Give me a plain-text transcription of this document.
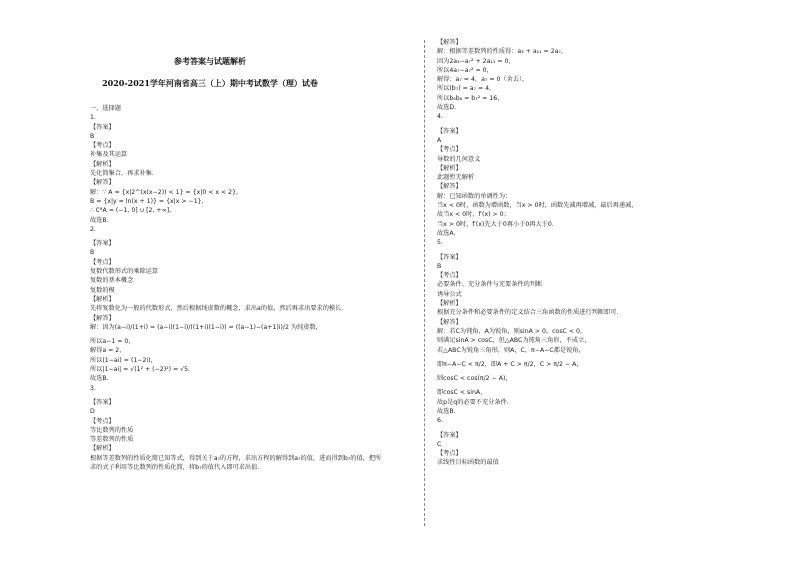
参考答案与试题解析
2020-2021学年河南省高三（上）期中考试数学（理）试卷
一、选择题
1.
【答案】
B
【考点】
补集及其运算
【解析】
先化简集合，再求补集.
【解答】
解：∵ A = {x|2^(x(x−2)) < 1} = {x|0 < x < 2},
B = {x|y = ln(x + 1)} = {x|x > −1},
∴ ∁ᴮA = (−1, 0] ∪ [2, +∞],
故选B.
2.
【答案】
B
【考点】
复数代数形式的乘除运算
复数的基本概念
复数的模
【解析】
先将复数化为一般的代数形式，然后根据纯虚数的概念，求出a的值，然后再求出要求的模长.
【解答】
解：因为(a−i)/(1+i) = (a−i)(1−i)/((1+i)(1−i)) = ((a−1)−(a+1)i)/2 为纯虚数，
所以a−1 = 0，
解得a = 2，
所以(1−ai) = (1−2i)，
所以|1−ai| = √(1² + (−2)²) = √5.
故选B.
3.
【答案】
D
【考点】
等比数列的性质
等差数列的性质
【解析】
根据等差数列的性质化简已知等式，得到关于a₇的方程，求出方程的解得到a₇的值，进而得到b₇的值，把所
求的式子利用等比数列的性质化简，将b₇的值代入即可求出值.
【解答】
解：根据等差数列的性质得：a₃ + a₁₁ = 2a₇，
因为2a₃−a₇² + 2a₁₁ = 0，
所以4a₇−a₇² = 0，
解得：a₇ = 4，a₇ = 0（舍去），
所以(b₇) = a₇ = 4，
所以b₆b₈ = b₇² = 16，
故选D.
4.
【答案】
A
【考点】
导数的几何意义
【解析】
此题暂无解析
【解答】
解：已知函数的单调性为：
当x < 0时，函数为增函数，当x > 0时，函数先减再增减，最后再递减，
故当x < 0时，f′(x) > 0；
当x > 0时，f′(x)先大于0再小于0再大于0.
故选A.
5.
【答案】
B
【考点】
必要条件、充分条件与充要条件的判断
诱导公式
【解析】
根据充分条件和必要条件的定义结合三角函数的性质进行判断即可.
【解答】
解：若C为钝角，A为锐角，则sinA > 0，cosC < 0，
则满足sinA > cosC，但△ABC为钝角三角形，不成立，
若△ABC为锐角三角形，则A，C，π−A−C都是锐角，
即π−A−C < π/2，即A + C > π/2，C > π/2 − A，
则cosC < cos(π/2 − A)，
即cosC < sinA，
故p是q的必要不充分条件.
故选B.
6.
【答案】
C
【考点】
求线性目标函数的最值
